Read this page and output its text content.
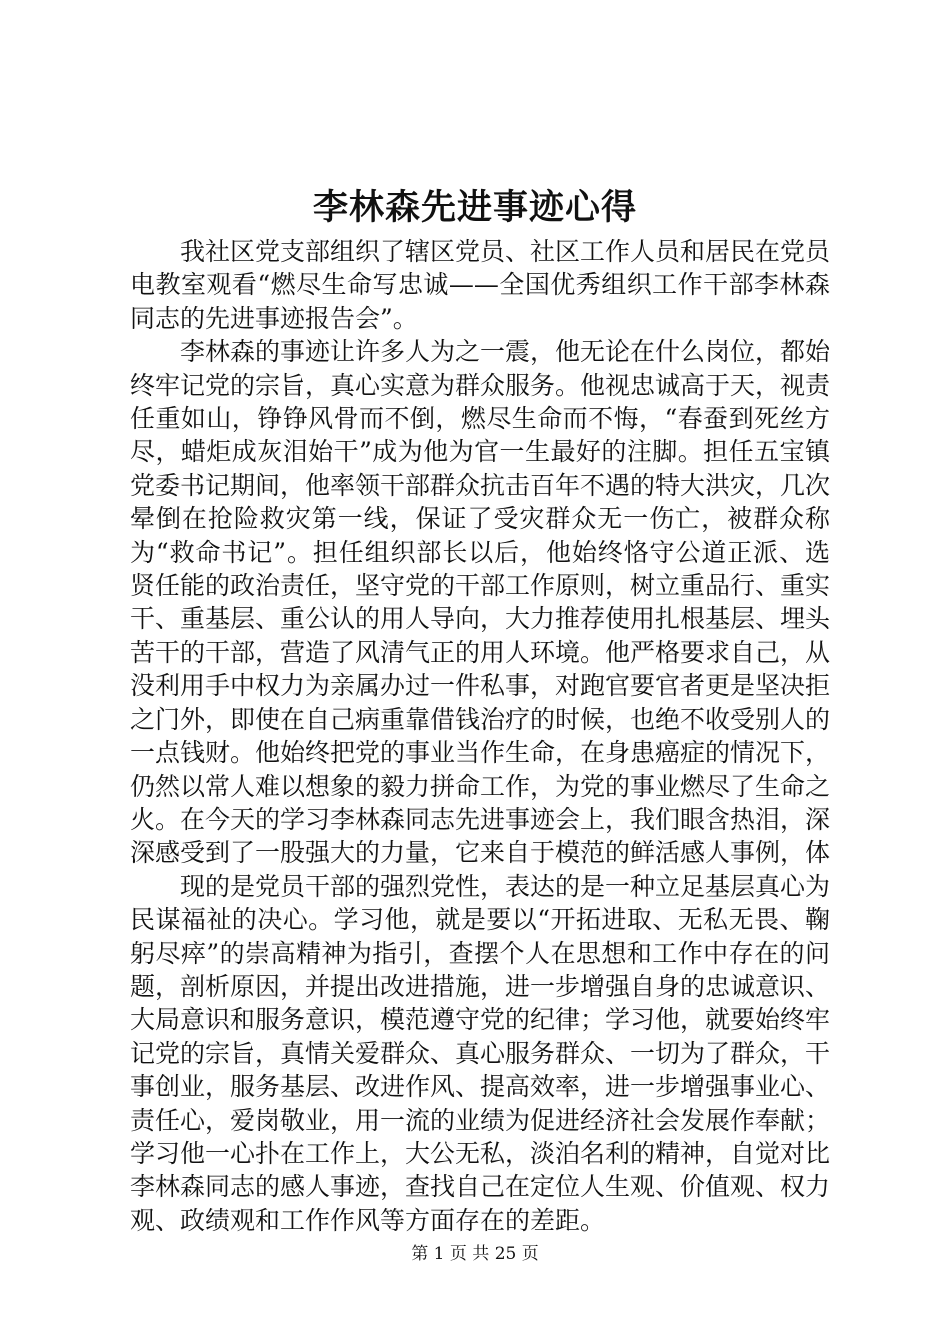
李林森先进事迹心得

我社区党支部组织了辖区党员、社区工作人员和居民在党员电教室观看“燃尽生命写忠诚——全国优秀组织工作干部李林森同志的先进事迹报告会”。

李林森的事迹让许多人为之一震，他无论在什么岗位，都始终牢记党的宗旨，真心实意为群众服务。他视忠诚高于天，视责任重如山，铮铮风骨而不倒，燃尽生命而不悔，“春蚕到死丝方尽，蜡炬成灰泪始干”成为他为官一生最好的注脚。担任五宝镇党委书记期间，他率领干部群众抗击百年不遇的特大洪灾，几次晕倒在抢险救灾第一线，保证了受灾群众无一伤亡，被群众称为“救命书记”。担任组织部长以后，他始终恪守公道正派、选贤任能的政治责任，坚守党的干部工作原则，树立重品行、重实干、重基层、重公认的用人导向，大力推荐使用扎根基层、埋头苦干的干部，营造了风清气正的用人环境。他严格要求自己，从没利用手中权力为亲属办过一件私事，对跑官要官者更是坚决拒之门外，即使在自己病重靠借钱治疗的时候，也绝不收受别人的一点钱财。他始终把党的事业当作生命，在身患癌症的情况下，仍然以常人难以想象的毅力拼命工作，为党的事业燃尽了生命之火。在今天的学习李林森同志先进事迹会上，我们眼含热泪，深深感受到了一股强大的力量，它来自于模范的鲜活感人事例，体

现的是党员干部的强烈党性，表达的是一种立足基层真心为民谋福祉的决心。学习他，就是要以“开拓进取、无私无畏、鞠躬尽瘁”的崇高精神为指引，查摆个人在思想和工作中存在的问题，剖析原因，并提出改进措施，进一步增强自身的忠诚意识、大局意识和服务意识，模范遵守党的纪律；学习他，就要始终牢记党的宗旨，真情关爱群众、真心服务群众、一切为了群众，干事创业，服务基层、改进作风、提高效率，进一步增强事业心、责任心，爱岗敬业，用一流的业绩为促进经济社会发展作奉献；学习他一心扑在工作上，大公无私，淡泊名利的精神，自觉对比李林森同志的感人事迹，查找自己在定位人生观、价值观、权力观、政绩观和工作作风等方面存在的差距。

第 1 页 共 25 页
